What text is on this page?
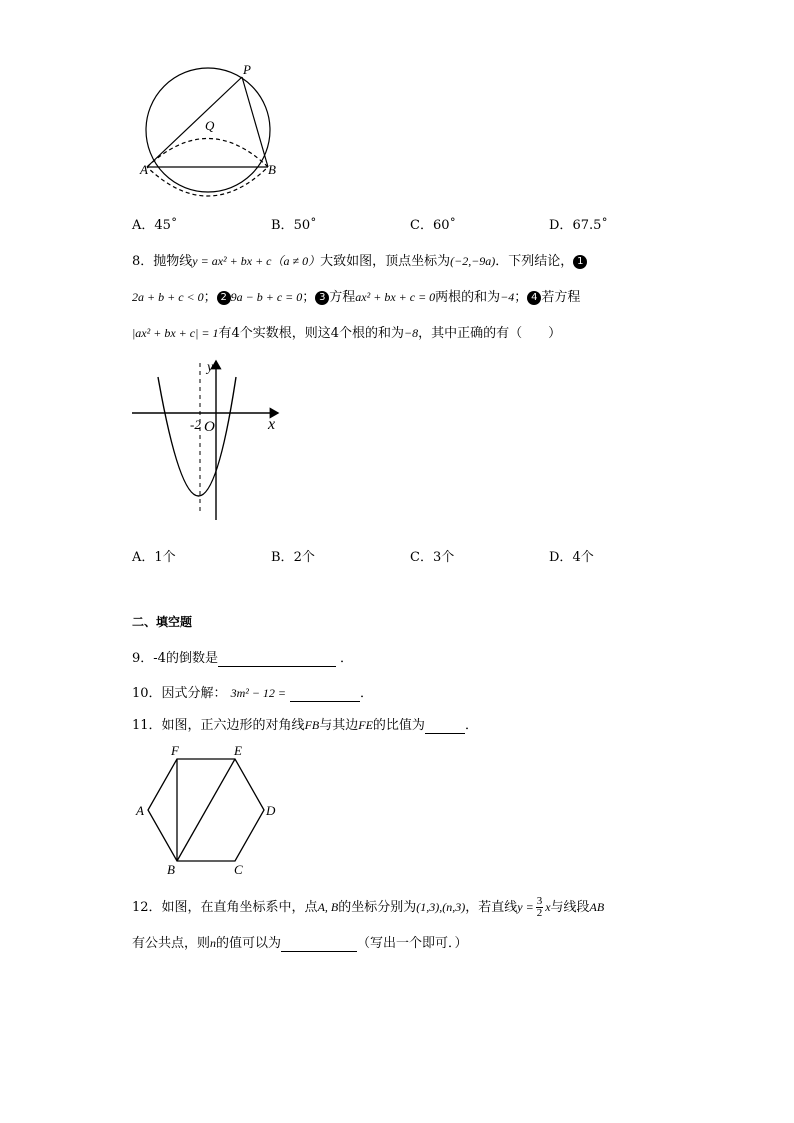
P
Q
A	B
A．45˚	B．50˚	C．60˚	D．67.5˚
8．抛物线y = ax² + bx + c（a ≠ 0）大致如图，顶点坐标为(−2,−9a)．下列结论， 1
2a + b + c < 0； 2 9a − b + c = 0； 3 方程ax² + bx + c = 0两根的和为−4； 4 若方程
|ax² + bx + c| = 1有4个实数根，则这4个根的和为−8，其中正确的有（　　）
y
x
O
-2
A．1个	B．2个	C．3个	D．4个
二、填空题
9．-4的倒数是	．
10．因式分解： 3m² − 12 =	．
11．如图，正六边形的对角线FB与其边FE的比值为	．
F	E
A	D
B	C
12．如图，在直角坐标系中，点A, B的坐标分别为(1,3),(n,3)，若直线$y = \frac{3}{2}$ x与线段AB
有公共点，则n的值可以为	（写出一个即可．）
